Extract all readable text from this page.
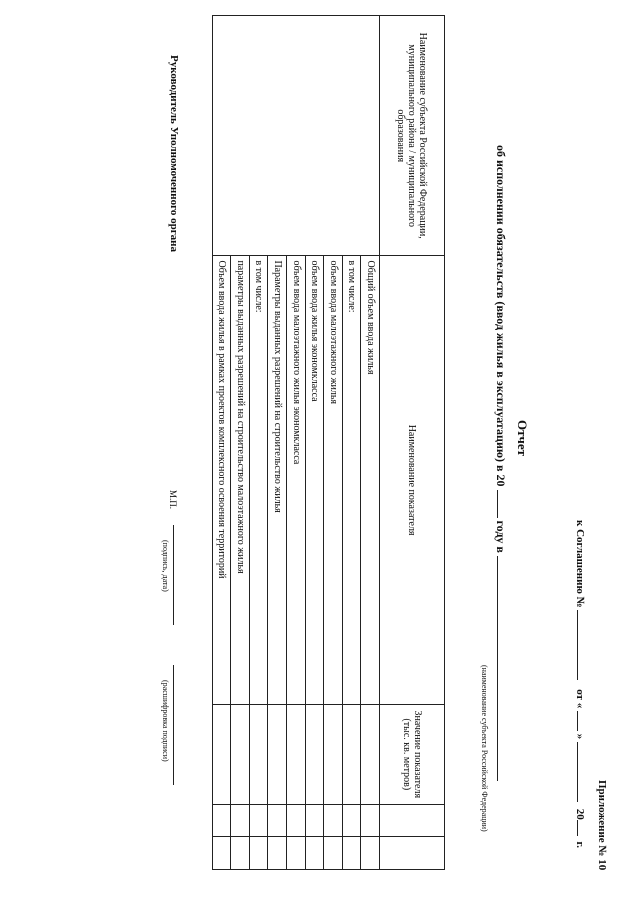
Приложение № 10
к Соглашению №  от «  »  20 г.
Отчет
об исполнении обязательств (ввод жилья в эксплуатацию) в 20  году в
(наименование субъекта Российской Федерации)
Наименование субъекта Российской Федерации, муниципального района / муниципального образования	Наименование показателя	Значение показателя (тыс. кв. метров)		
	Общий объем ввода жилья			
	в том числе:			
	объем ввода малоэтажного жилья			
	объем ввода жилья экономкласса			
	объем ввода малоэтажного жилья экономкласса			
	Параметры выданных разрешений на строительство жилья			
	в том числе:			
	параметры выданных разрешений на строительство малоэтажного жилья			
	Объем ввода жилья в рамках проектов комплексного освоения территорий			
Руководитель Уполномоченного органа
М.П.
(подпись, дата)
(расшифровка подписи)
